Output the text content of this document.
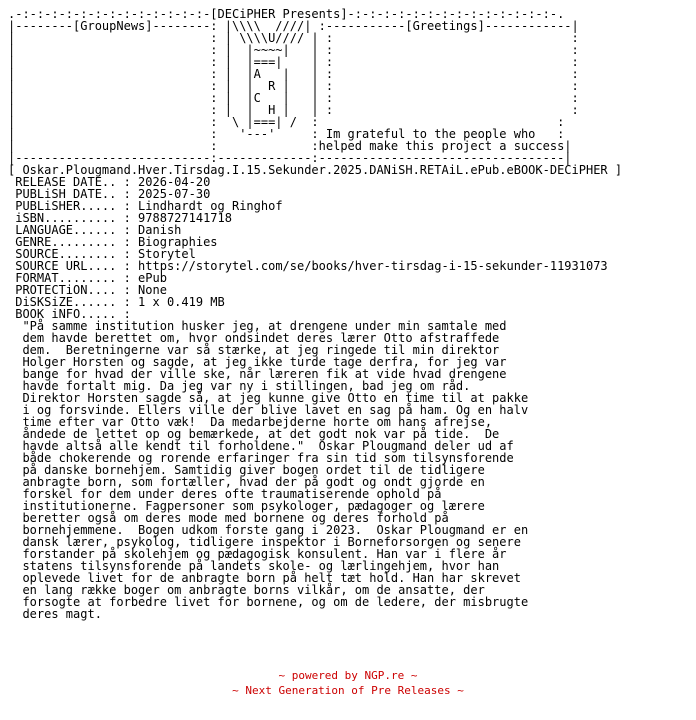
.-:-:-:-:-:-:-:-:-:-:-:-:-:-[DECiPHER Presents]-:-:-:-:-:-:-:-:-:-:-:-:-:-:-.
|--------[GroupNews]--------: |\\\\  ////| :-----------[Greetings]------------|
|                           : | \\\\U//// | :                                 :
|                           : |  |~~~~|   | :                                 :
|                           : |  |===|    | :                                 :
|                           : |  |A   |   | :                                 :
|                           : |  |  R |   | :                                 :
|                           : |  |C   |   | :                                 :
|                           : |  |  H |   | :                                 :
|                           :  \ |===| /  :                                 :
|                           :   '---'     : Im grateful to the people who   :
|                           :             :helped make this project a success|
|---------------------------:-------------:----------------------------------|
[ Oskar.Plougmand.Hver.Tirsdag.I.15.Sekunder.2025.DANiSH.RETAiL.ePub.eBOOK-DECiPHER ]
RELEASE DATE.. : 2026-04-20
PUBLiSH DATE.. : 2025-07-30
PUBLiSHER..... : Lindhardt og Ringhof
iSBN.......... : 9788727141718
LANGUAGE...... : Danish
GENRE......... : Biographies
SOURCE........ : Storytel
SOURCE URL.... : https://storytel.com/se/books/hver-tirsdag-i-15-sekunder-11931073
FORMAT........ : ePub
PROTECTiON.... : None
DiSKSiZE...... : 1 x 0.419 MB
BOOK iNFO..... :
"På samme institution husker jeg, at drengene under min samtale med
dem havde berettet om, hvor ondsindet deres lærer Otto afstraffede
dem.  Beretningerne var så stærke, at jeg ringede til min direktor
Holger Horsten og sagde, at jeg ikke turde tage derfra, for jeg var
bange for hvad der ville ske, når læreren fik at vide hvad drengene
havde fortalt mig. Da jeg var ny i stillingen, bad jeg om råd.
Direktor Horsten sagde så, at jeg kunne give Otto en time til at pakke
i og forsvinde. Ellers ville der blive lavet en sag på ham. Og en halv
time efter var Otto væk!  Da medarbejderne horte om hans afrejse,
åndede de lettet op og bemærkede, at det godt nok var på tide.  De
havde altså alle kendt til forholdene."  Oskar Plougmand deler ud af
både chokerende og rorende erfaringer fra sin tid som tilsynsforende
på danske bornehjem. Samtidig giver bogen ordet til de tidligere
anbragte born, som fortæller, hvad der på godt og ondt gjorde en
forskel for dem under deres ofte traumatiserende ophold på
institutionerne. Fagpersoner som psykologer, pædagoger og lærere
beretter også om deres mode med bornene og deres forhold på
bornehjemmene.  Bogen udkom forste gang i 2023.  Oskar Plougmand er en
dansk lærer, psykolog, tidligere inspektor i Borneforsorgen og senere
forstander på skolehjem og pædagogisk konsulent. Han var i flere år
statens tilsynsforende på landets skole- og lærlingehjem, hvor han
oplevede livet for de anbragte born på helt tæt hold. Han har skrevet
en lang række boger om anbragte borns vilkår, om de ansatte, der
forsogte at forbedre livet for bornene, og om de ledere, der misbrugte
deres magt.
~ powered by NGP.re ~
~ Next Generation of Pre Releases ~
